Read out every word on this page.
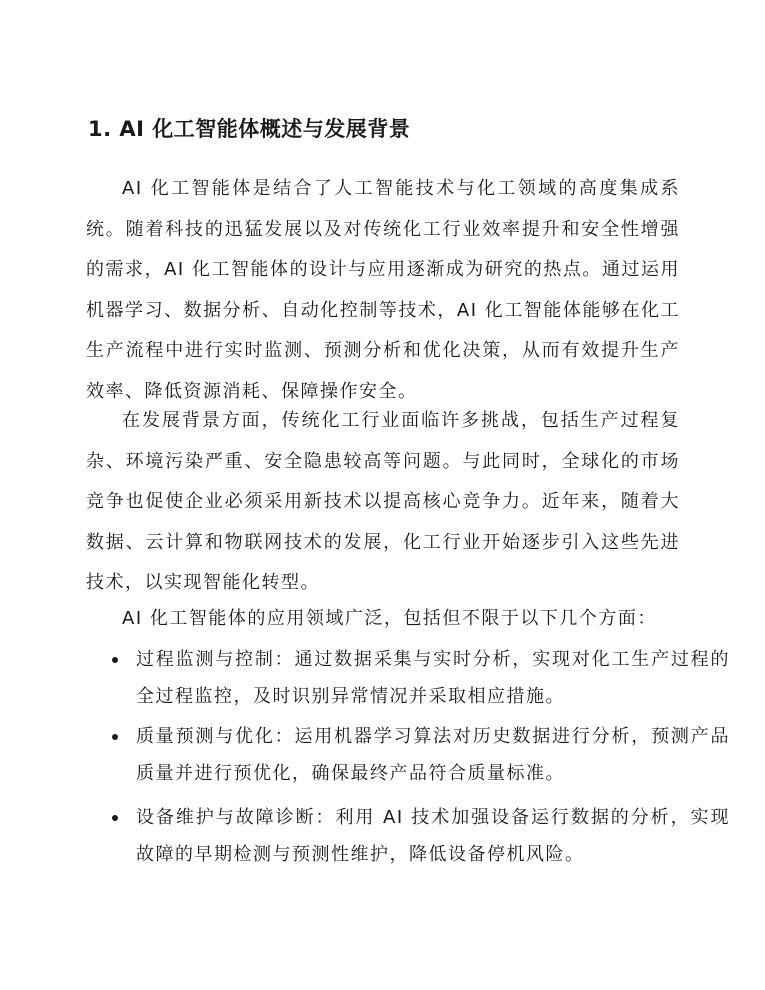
1. AI 化工智能体概述与发展背景

AI 化工智能体是结合了人工智能技术与化工领域的高度集成系统。随着科技的迅猛发展以及对传统化工行业效率提升和安全性增强的需求，AI 化工智能体的设计与应用逐渐成为研究的热点。通过运用机器学习、数据分析、自动化控制等技术，AI 化工智能体能够在化工生产流程中进行实时监测、预测分析和优化决策，从而有效提升生产效率、降低资源消耗、保障操作安全。

在发展背景方面，传统化工行业面临许多挑战，包括生产过程复杂、环境污染严重、安全隐患较高等问题。与此同时，全球化的市场竞争也促使企业必须采用新技术以提高核心竞争力。近年来，随着大数据、云计算和物联网技术的发展，化工行业开始逐步引入这些先进技术，以实现智能化转型。

AI 化工智能体的应用领域广泛，包括但不限于以下几个方面：

过程监测与控制：通过数据采集与实时分析，实现对化工生产过程的全过程监控，及时识别异常情况并采取相应措施。
质量预测与优化：运用机器学习算法对历史数据进行分析，预测产品质量并进行预优化，确保最终产品符合质量标准。
设备维护与故障诊断：利用 AI 技术加强设备运行数据的分析，实现故障的早期检测与预测性维护，降低设备停机风险。
